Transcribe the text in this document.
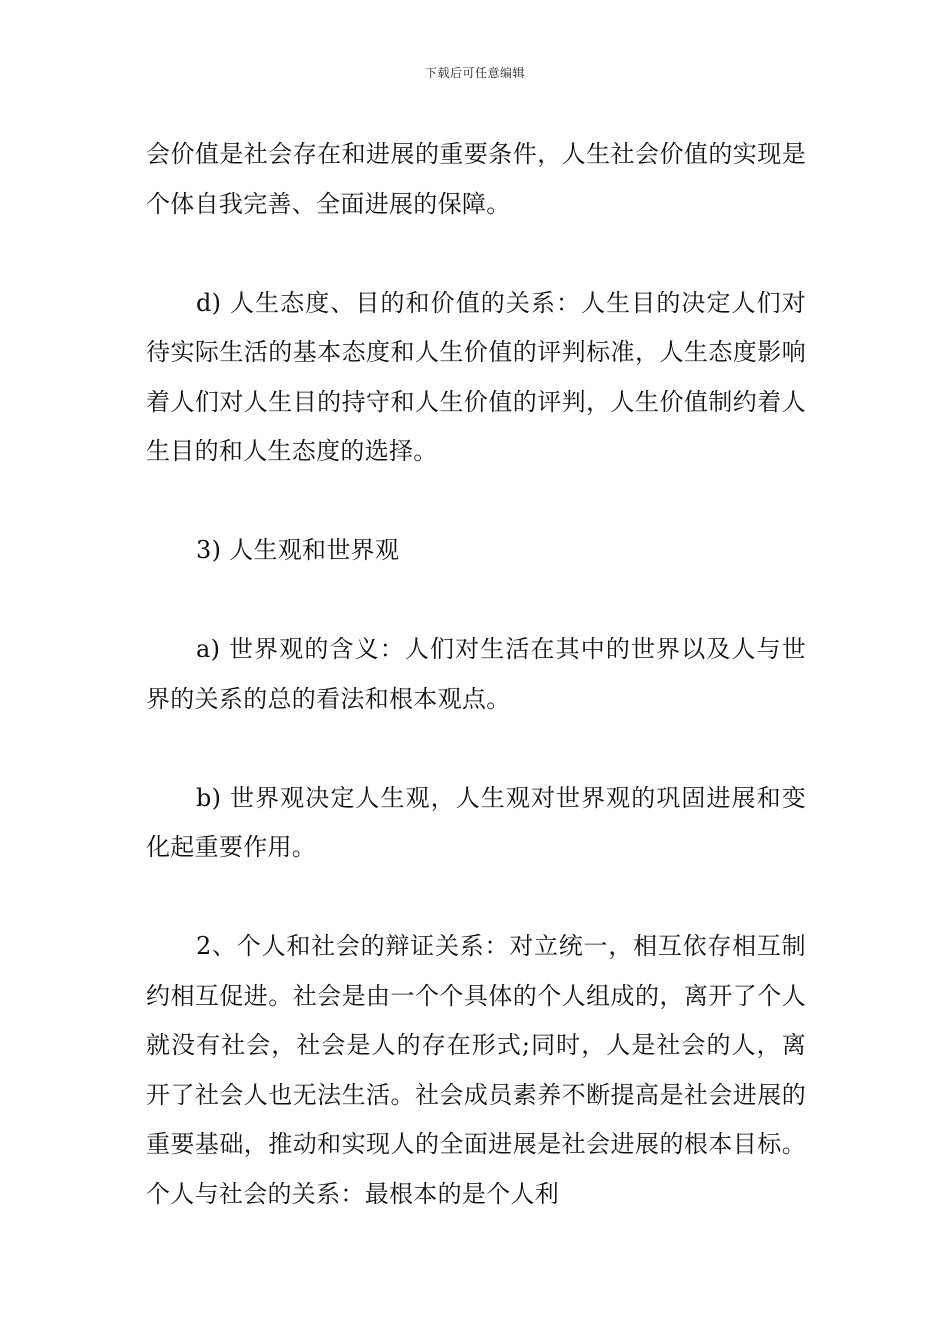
下载后可任意编辑

会价值是社会存在和进展的重要条件，人生社会价值的实现是个体自我完善、全面进展的保障。

d) 人生态度、目的和价值的关系：人生目的决定人们对待实际生活的基本态度和人生价值的评判标准，人生态度影响着人们对人生目的持守和人生价值的评判，人生价值制约着人生目的和人生态度的选择。

3) 人生观和世界观

a) 世界观的含义：人们对生活在其中的世界以及人与世界的关系的总的看法和根本观点。

b) 世界观决定人生观，人生观对世界观的巩固进展和变化起重要作用。

2、个人和社会的辩证关系：对立统一，相互依存相互制约相互促进。社会是由一个个具体的个人组成的，离开了个人就没有社会，社会是人的存在形式;同时，人是社会的人，离开了社会人也无法生活。社会成员素养不断提高是社会进展的重要基础，推动和实现人的全面进展是社会进展的根本目标。个人与社会的关系：最根本的是个人利
